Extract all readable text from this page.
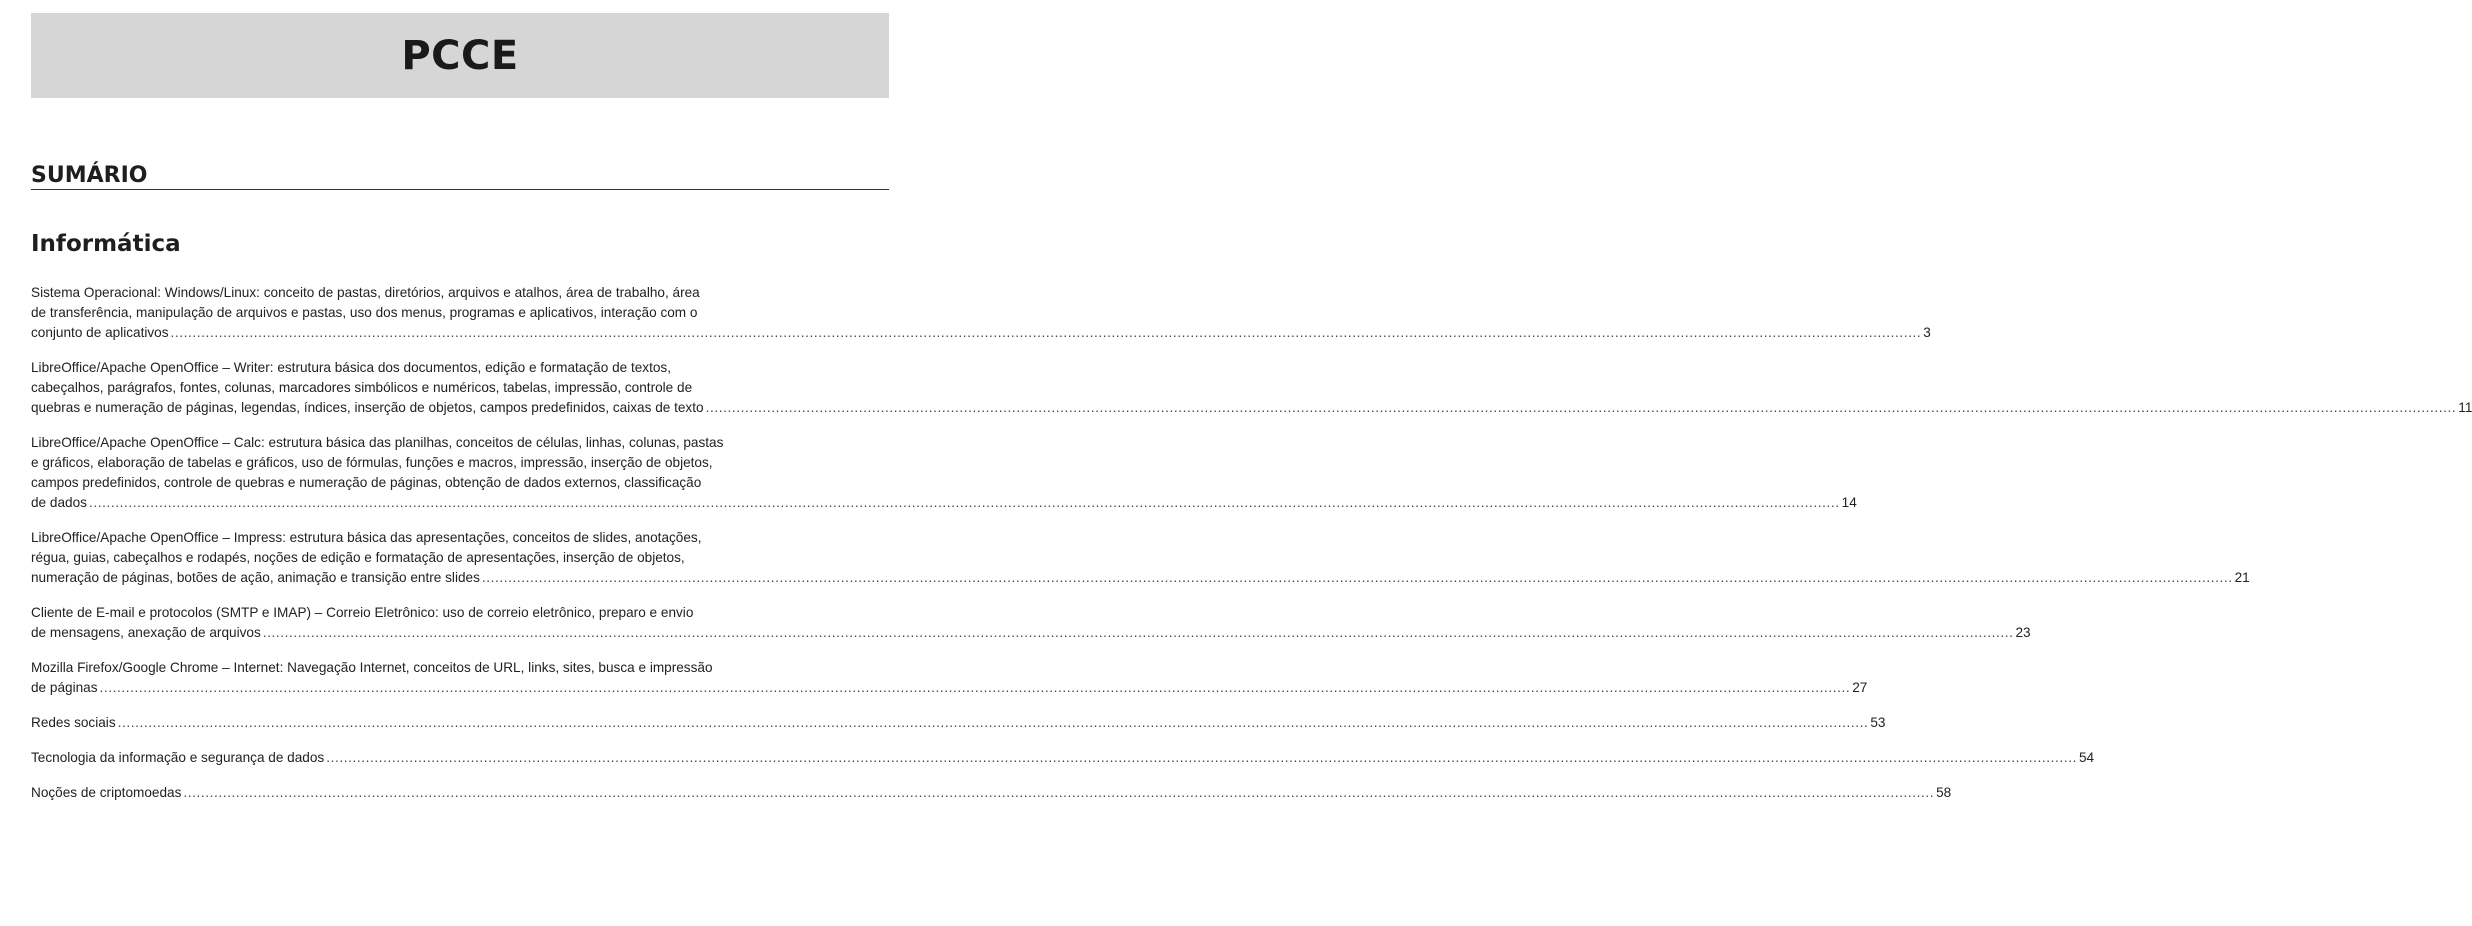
PCCE
SUMÁRIO
Informática
Sistema Operacional: Windows/Linux: conceito de pastas, diretórios, arquivos e atalhos, área de trabalho, área
de transferência, manipulação de arquivos e pastas, uso dos menus, programas e aplicativos, interação com o
conjunto de aplicativos ................................................................................................................................................................................................................................................................................................................................................................................................................ 3
LibreOffice/Apache OpenOffice – Writer: estrutura básica dos documentos, edição e formatação de textos,
cabeçalhos, parágrafos, fontes, colunas, marcadores simbólicos e numéricos, tabelas, impressão, controle de
quebras e numeração de páginas, legendas, índices, inserção de objetos, campos predefinidos, caixas de texto ................................................................................................................................................................................................................................................................................................................................................................................................................ 11
LibreOffice/Apache OpenOffice – Calc: estrutura básica das planilhas, conceitos de células, linhas, colunas, pastas
e gráficos, elaboração de tabelas e gráficos, uso de fórmulas, funções e macros, impressão, inserção de objetos,
campos predefinidos, controle de quebras e numeração de páginas, obtenção de dados externos, classificação
de dados ................................................................................................................................................................................................................................................................................................................................................................................................................ 14
LibreOffice/Apache OpenOffice – Impress: estrutura básica das apresentações, conceitos de slides, anotações,
régua, guias, cabeçalhos e rodapés, noções de edição e formatação de apresentações, inserção de objetos,
numeração de páginas, botões de ação, animação e transição entre slides ................................................................................................................................................................................................................................................................................................................................................................................................................ 21
Cliente de E-mail e protocolos (SMTP e IMAP) – Correio Eletrônico: uso de correio eletrônico, preparo e envio
de mensagens, anexação de arquivos ................................................................................................................................................................................................................................................................................................................................................................................................................ 23
Mozilla Firefox/Google Chrome – Internet: Navegação Internet, conceitos de URL, links, sites, busca e impressão
de páginas ................................................................................................................................................................................................................................................................................................................................................................................................................ 27
Redes sociais ................................................................................................................................................................................................................................................................................................................................................................................................................ 53
Tecnologia da informação e segurança de dados ................................................................................................................................................................................................................................................................................................................................................................................................................ 54
Noções de criptomoedas ................................................................................................................................................................................................................................................................................................................................................................................................................ 58
